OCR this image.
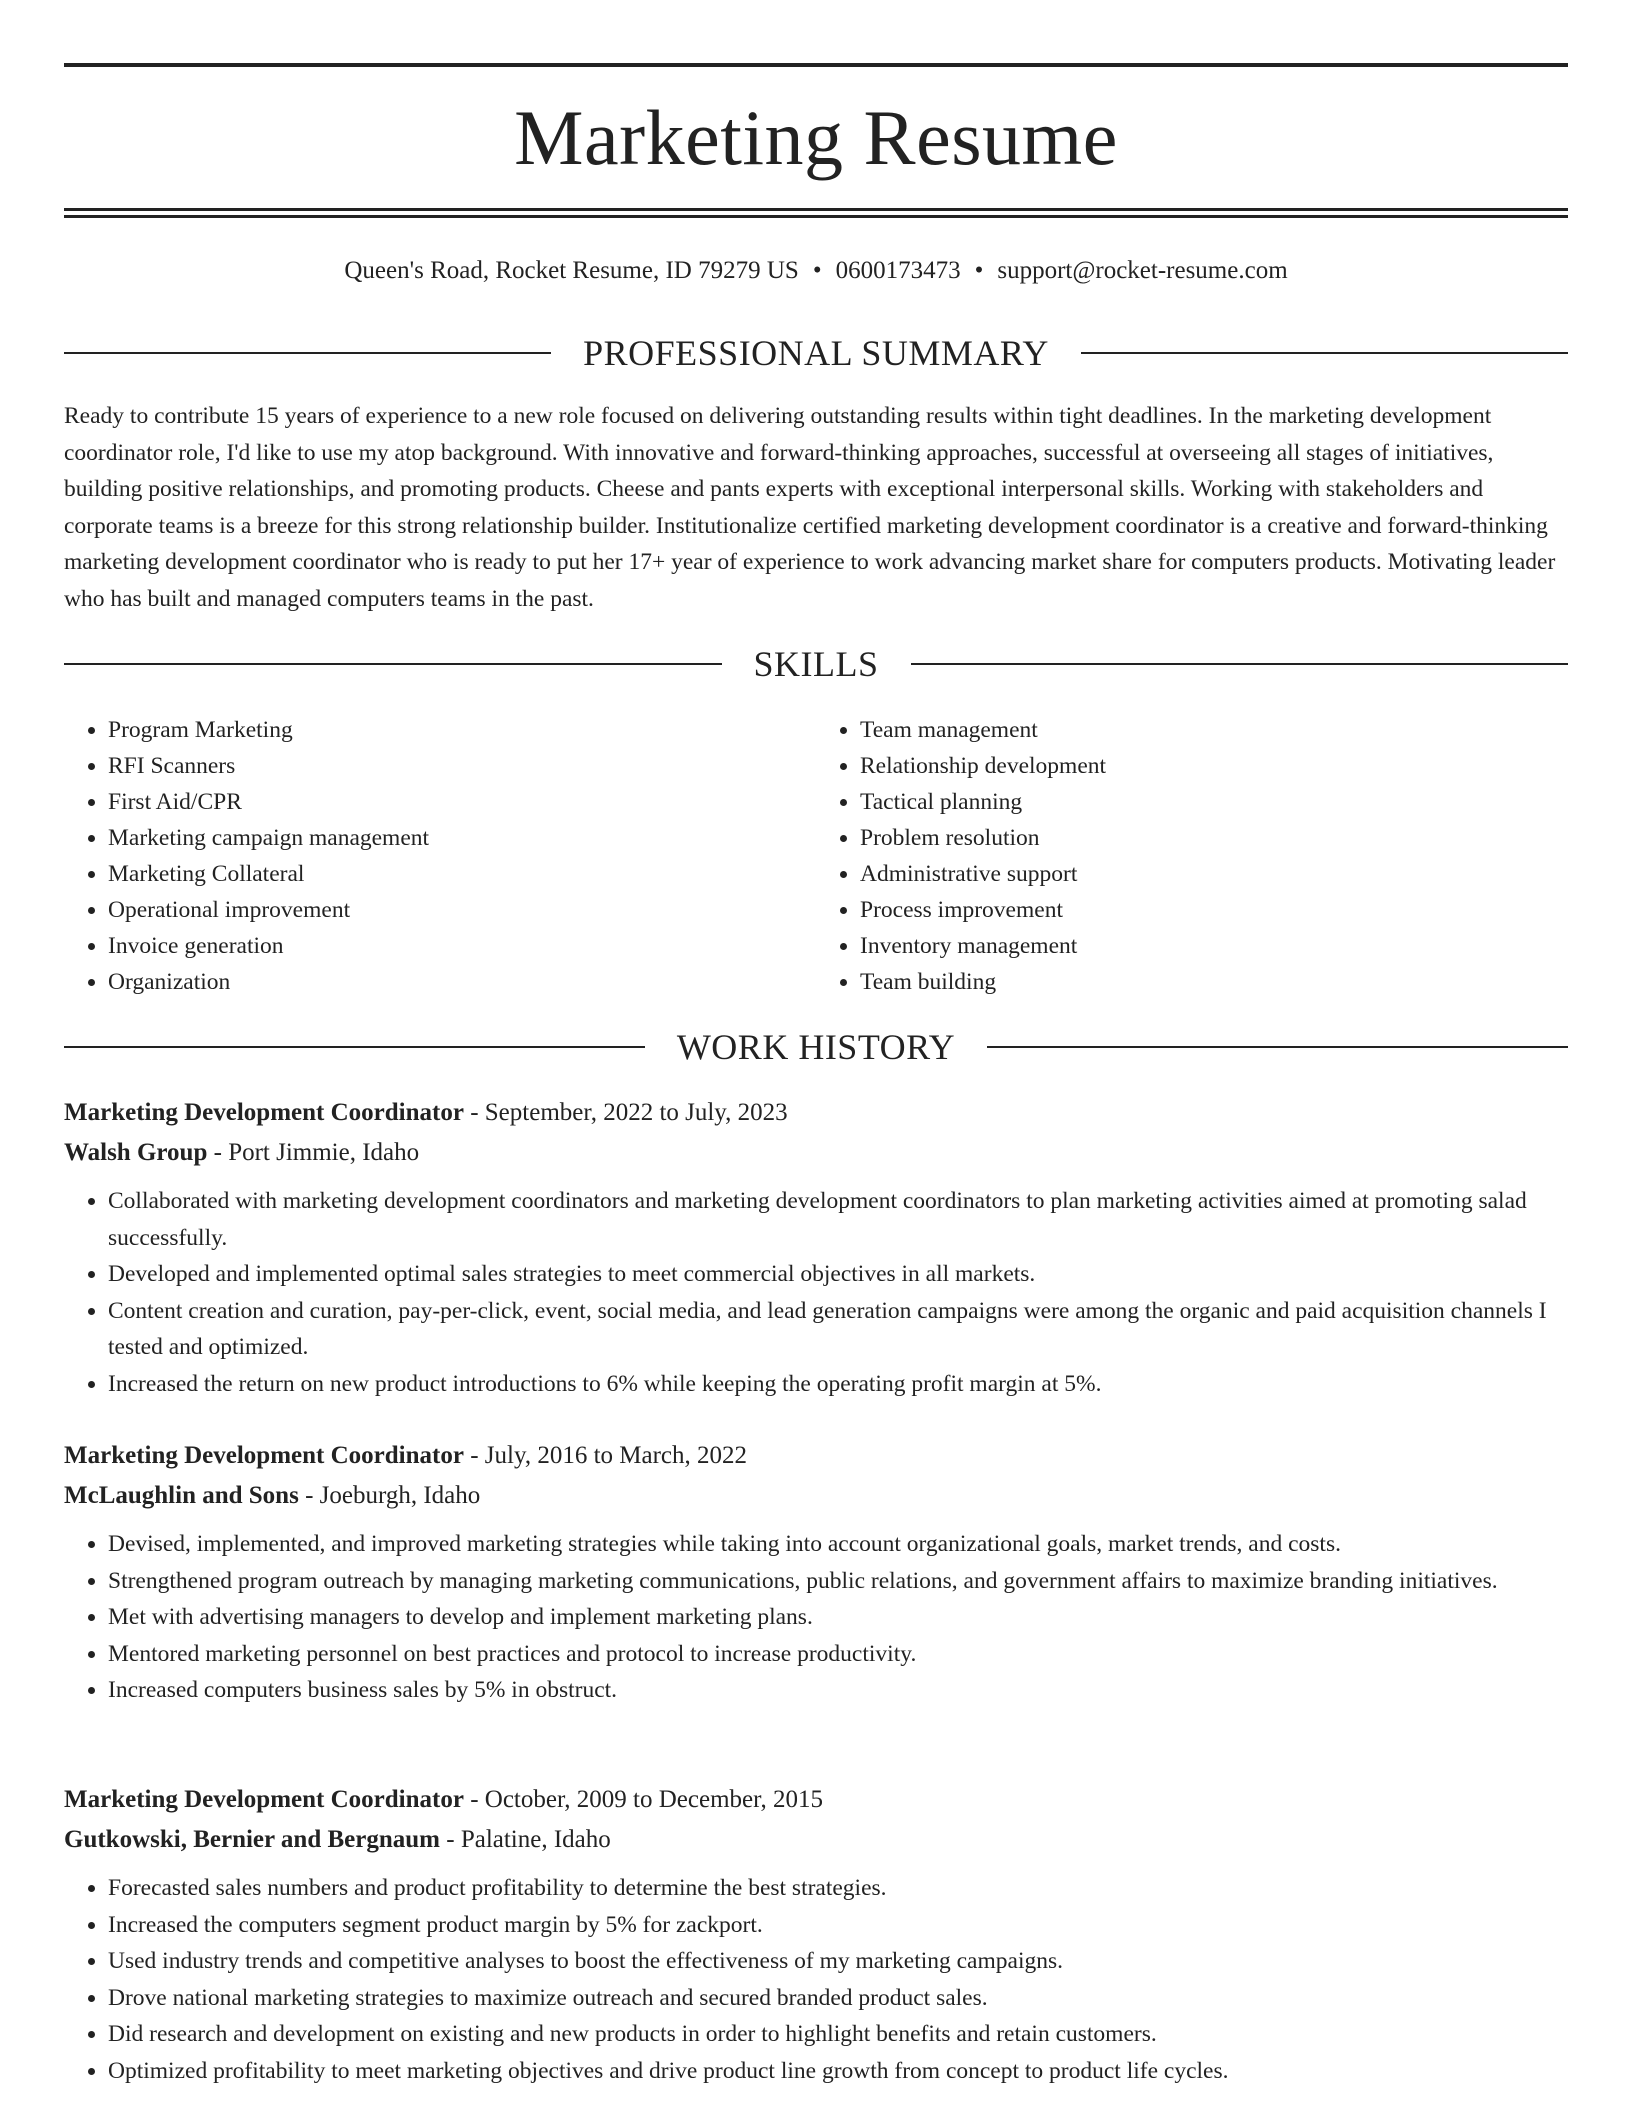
Marketing Resume
Queen's Road, Rocket Resume, ID 79279 US • 0600173473 • support@rocket-resume.com
PROFESSIONAL SUMMARY

Ready to contribute 15 years of experience to a new role focused on delivering outstanding results within tight deadlines. In the marketing development coordinator role, I'd like to use my atop background. With innovative and forward-thinking approaches, successful at overseeing all stages of initiatives, building positive relationships, and promoting products. Cheese and pants experts with exceptional interpersonal skills. Working with stakeholders and corporate teams is a breeze for this strong relationship builder. Institutionalize certified marketing development coordinator is a creative and forward-thinking marketing development coordinator who is ready to put her 17+ year of experience to work advancing market share for computers products. Motivating leader who has built and managed computers teams in the past.

SKILLS
• Program Marketing
• RFI Scanners
• First Aid/CPR
• Marketing campaign management
• Marketing Collateral
• Operational improvement
• Invoice generation
• Organization
• Team management
• Relationship development
• Tactical planning
• Problem resolution
• Administrative support
• Process improvement
• Inventory management
• Team building
WORK HISTORY
Marketing Development Coordinator - September, 2022 to July, 2023
Walsh Group - Port Jimmie, Idaho
• Collaborated with marketing development coordinators and marketing development coordinators to plan marketing activities aimed at promoting salad successfully.
• Developed and implemented optimal sales strategies to meet commercial objectives in all markets.
• Content creation and curation, pay-per-click, event, social media, and lead generation campaigns were among the organic and paid acquisition channels I tested and optimized.
• Increased the return on new product introductions to 6% while keeping the operating profit margin at 5%.
Marketing Development Coordinator - July, 2016 to March, 2022
McLaughlin and Sons - Joeburgh, Idaho
• Devised, implemented, and improved marketing strategies while taking into account organizational goals, market trends, and costs.
• Strengthened program outreach by managing marketing communications, public relations, and government affairs to maximize branding initiatives.
• Met with advertising managers to develop and implement marketing plans.
• Mentored marketing personnel on best practices and protocol to increase productivity.
• Increased computers business sales by 5% in obstruct.
Marketing Development Coordinator - October, 2009 to December, 2015
Gutkowski, Bernier and Bergnaum - Palatine, Idaho
• Forecasted sales numbers and product profitability to determine the best strategies.
• Increased the computers segment product margin by 5% for zackport.
• Used industry trends and competitive analyses to boost the effectiveness of my marketing campaigns.
• Drove national marketing strategies to maximize outreach and secured branded product sales.
• Did research and development on existing and new products in order to highlight benefits and retain customers.
• Optimized profitability to meet marketing objectives and drive product line growth from concept to product life cycles.
